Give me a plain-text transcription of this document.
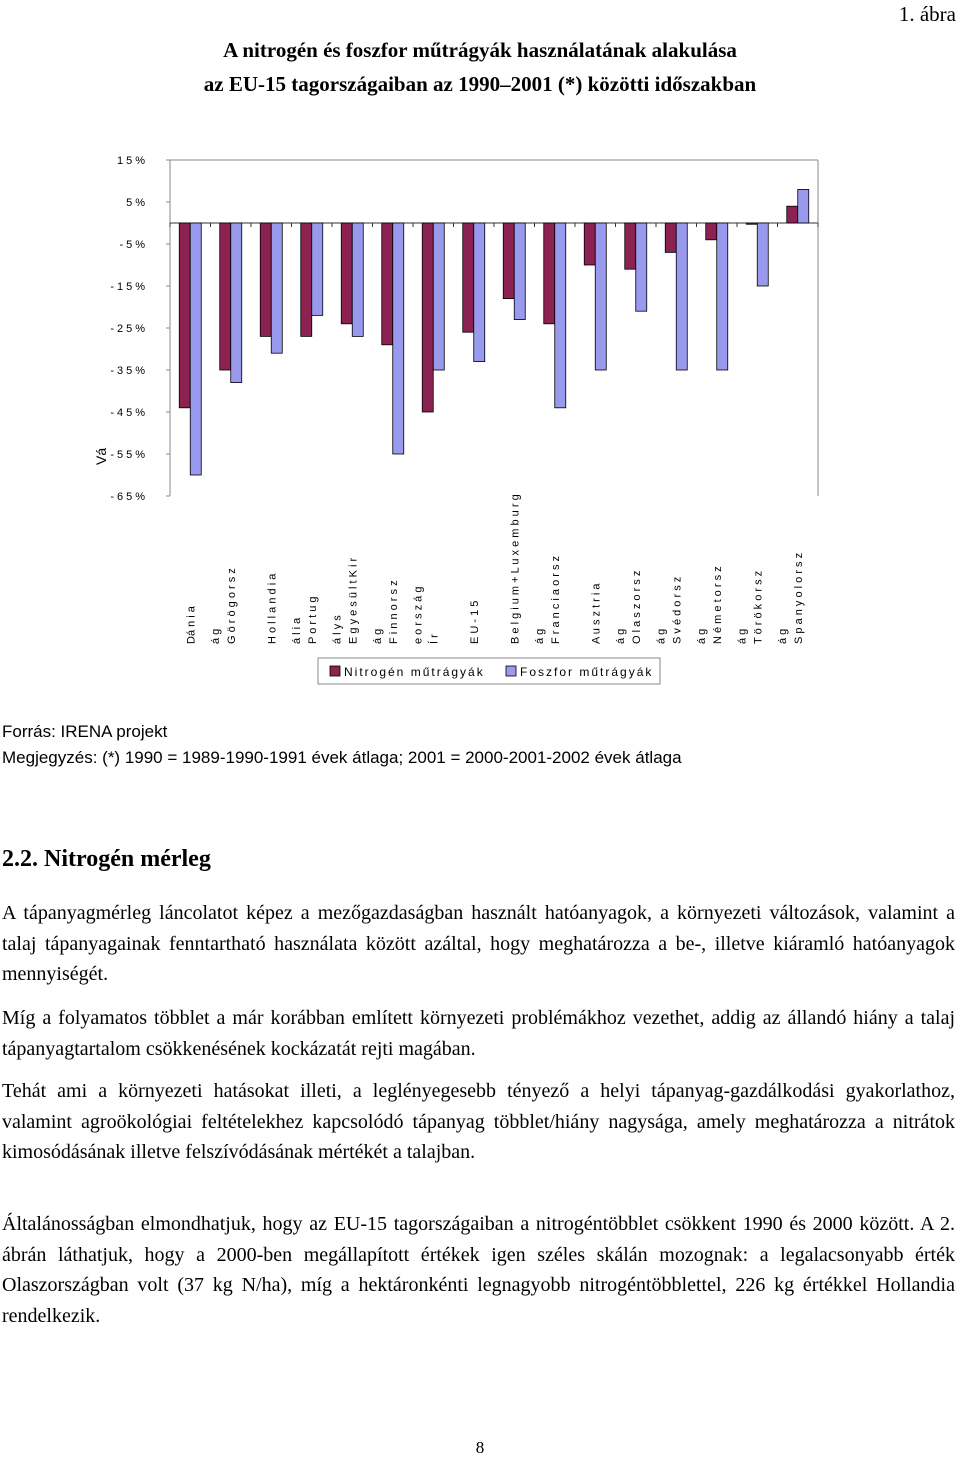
1. ábra
A nitrogén és foszfor műtrágyák használatának alakulása
az EU-15 tagországaiban az 1990–2001 (*) közötti időszakban
15%
5%
-5%
-15%
-25%
-35%
-45%
-55%
-65%
Vá
Dá n i a	G ö r ö g o r s z
á g	H o l l a n d i a	P o r t u g
á l i a	E g y e s ü l t K i r
á l y s	F i n n o r s z
á g	Í r
e o r s z á g	E U - 1 5	B e l g i u m + L u x e m b u r g	F r a n c i a o r s z
á g	A u s z t r i a	O l a s z o r s z
á g	S v é d o r s z
á g	N é m e t o r s z
á g	T ö r ö k o r s z
á g	S p a n y o l o r s z
á g
Nitrogén műtrágyák	Foszfor műtrágyák
Forrás: IRENA projekt
Megjegyzés: (*) 1990 = 1989-1990-1991 évek átlaga; 2001 = 2000-2001-2002 évek átlaga
2.2. Nitrogén mérleg

A tápanyagmérleg láncolatot képez a mezőgazdaságban használt hatóanyagok, a környezeti változások, valamint a talaj tápanyagainak fenntartható használata között azáltal, hogy meghatározza a be-, illetve kiáramló hatóanyagok mennyiségét.

Míg a folyamatos többlet a már korábban említett környezeti problémákhoz vezethet, addig az állandó hiány a talaj tápanyagtartalom csökkenésének kockázatát rejti magában.

Tehát ami a környezeti hatásokat illeti, a leglényegesebb tényező a helyi tápanyag-gazdálkodási gyakorlathoz, valamint agroökológiai feltételekhez kapcsolódó tápanyag többlet/hiány nagysága, amely meghatározza a nitrátok kimosódásának illetve felszívódásának mértékét a talajban.

Általánosságban elmondhatjuk, hogy az EU-15 tagországaiban a nitrogéntöbblet csökkent 1990 és 2000 között. A 2. ábrán láthatjuk, hogy a 2000-ben megállapított értékek igen széles skálán mozognak: a legalacsonyabb érték Olaszországban volt (37 kg N/ha), míg a hektáronkénti legnagyobb nitrogéntöbblettel, 226 kg értékkel Hollandia rendelkezik.

8
